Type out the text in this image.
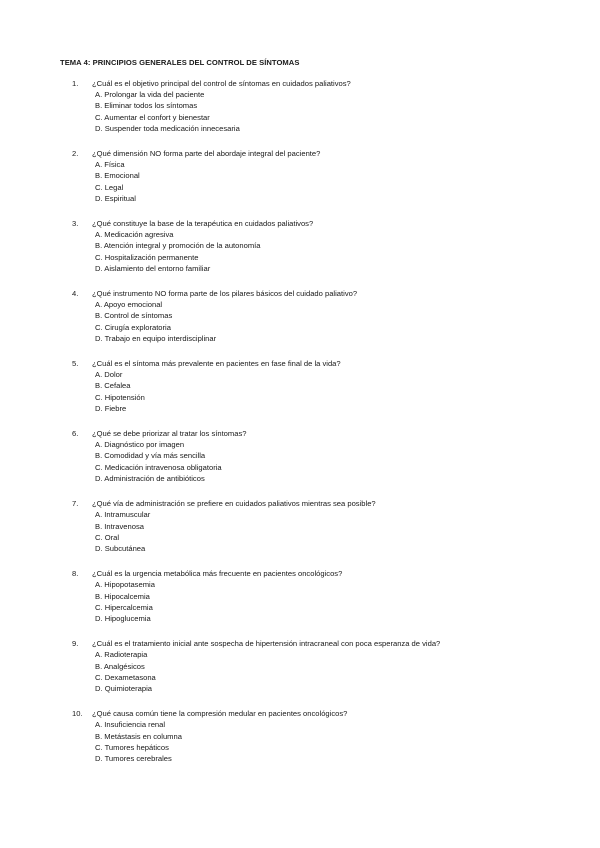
TEMA 4: PRINCIPIOS GENERALES DEL CONTROL DE SÍNTOMAS
1.	¿Cuál es el objetivo principal del control de síntomas en cuidados paliativos?

A. Prolongar la vida del paciente
B. Eliminar todos los síntomas
C. Aumentar el confort y bienestar
D. Suspender toda medicación innecesaria
2.	¿Qué dimensión NO forma parte del abordaje integral del paciente?

A. Física
B. Emocional
C. Legal
D. Espiritual
3.	¿Qué constituye la base de la terapéutica en cuidados paliativos?

A. Medicación agresiva
B. Atención integral y promoción de la autonomía
C. Hospitalización permanente
D. Aislamiento del entorno familiar
4.	¿Qué instrumento NO forma parte de los pilares básicos del cuidado paliativo?

A. Apoyo emocional
B. Control de síntomas
C. Cirugía exploratoria
D. Trabajo en equipo interdisciplinar
5.	¿Cuál es el síntoma más prevalente en pacientes en fase final de la vida?

A. Dolor
B. Cefalea
C. Hipotensión
D. Fiebre
6.	¿Qué se debe priorizar al tratar los síntomas?

A. Diagnóstico por imagen
B. Comodidad y vía más sencilla
C. Medicación intravenosa obligatoria
D. Administración de antibióticos
7.	¿Qué vía de administración se prefiere en cuidados paliativos mientras sea posible?

A. Intramuscular
B. Intravenosa
C. Oral
D. Subcutánea
8.	¿Cuál es la urgencia metabólica más frecuente en pacientes oncológicos?

A. Hipopotasemia
B. Hipocalcemia
C. Hipercalcemia
D. Hipoglucemia
9.	¿Cuál es el tratamiento inicial ante sospecha de hipertensión intracraneal con poca esperanza de vida?

A. Radioterapia
B. Analgésicos
C. Dexametasona
D. Quimioterapia
10.	¿Qué causa común tiene la compresión medular en pacientes oncológicos?

A. Insuficiencia renal
B. Metástasis en columna
C. Tumores hepáticos
D. Tumores cerebrales
